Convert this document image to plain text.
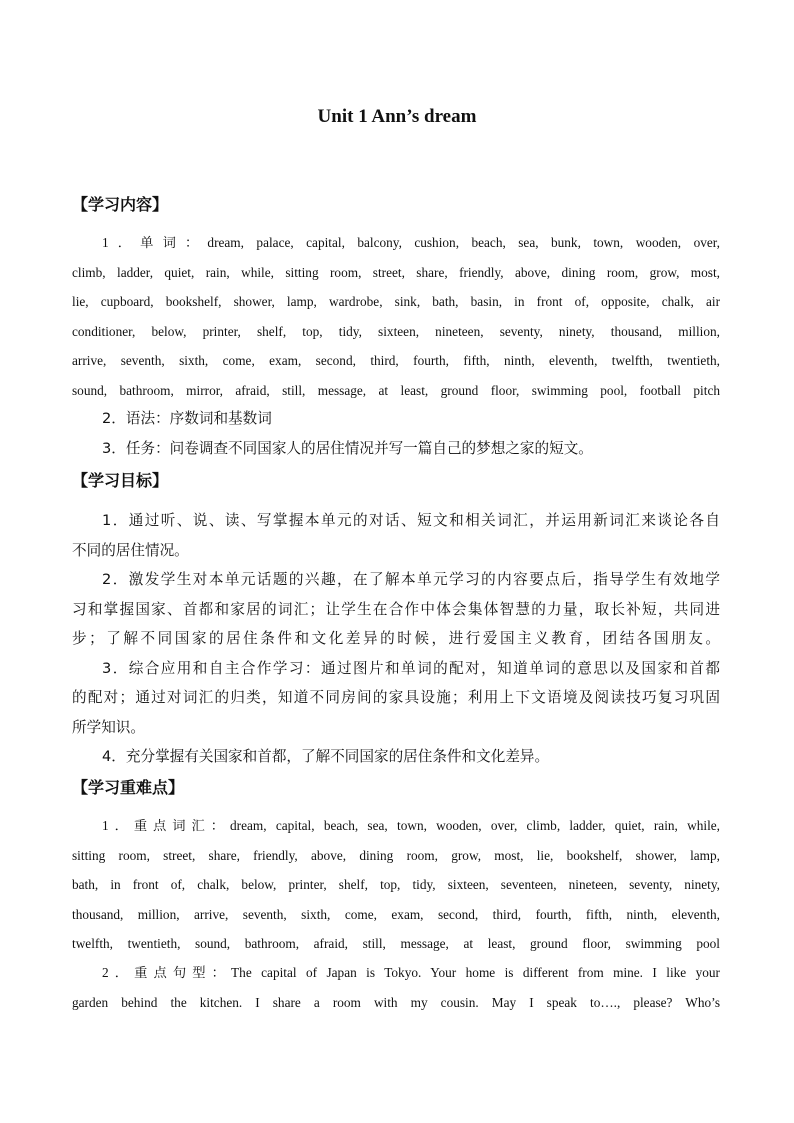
Unit 1 Ann’s dream
【学习内容】
1．单词：dream, palace, capital, balcony, cushion, beach, sea, bunk, town, wooden, over,
climb, ladder, quiet, rain, while, sitting room, street, share, friendly, above, dining room, grow, most,
lie, cupboard, bookshelf, shower, lamp, wardrobe, sink, bath, basin, in front of, opposite, chalk, air
conditioner, below, printer, shelf, top, tidy, sixteen, nineteen, seventy, ninety, thousand, million,
arrive, seventh, sixth, come, exam, second, third, fourth, fifth, ninth, eleventh, twelfth, twentieth,
sound, bathroom, mirror, afraid, still, message, at least, ground floor, swimming pool, football pitch
2．语法：序数词和基数词
3．任务：问卷调查不同国家人的居住情况并写一篇自己的梦想之家的短文。
【学习目标】
1．通过听、说、读、写掌握本单元的对话、短文和相关词汇，并运用新词汇来谈论各自
不同的居住情况。
2．激发学生对本单元话题的兴趣，在了解本单元学习的内容要点后，指导学生有效地学
习和掌握国家、首都和家居的词汇；让学生在合作中体会集体智慧的力量，取长补短，共同进
步；了解不同国家的居住条件和文化差异的时候，进行爱国主义教育，团结各国朋友。
3．综合应用和自主合作学习：通过图片和单词的配对，知道单词的意思以及国家和首都
的配对；通过对词汇的归类，知道不同房间的家具设施；利用上下文语境及阅读技巧复习巩固
所学知识。
4．充分掌握有关国家和首都，了解不同国家的居住条件和文化差异。
【学习重难点】
1．重点词汇：dream, capital, beach, sea, town, wooden, over, climb, ladder, quiet, rain, while,
sitting room, street, share, friendly, above, dining room, grow, most, lie, bookshelf, shower, lamp,
bath, in front of, chalk, below, printer, shelf, top, tidy, sixteen, seventeen, nineteen, seventy, ninety,
thousand, million, arrive, seventh, sixth, come, exam, second, third, fourth, fifth, ninth, eleventh,
twelfth, twentieth, sound, bathroom, afraid, still, message, at least, ground floor, swimming pool
2．重点句型：The capital of Japan is Tokyo. Your home is different from mine. I like your
garden behind the kitchen. I share a room with my cousin. May I speak to…., please? Who’s
